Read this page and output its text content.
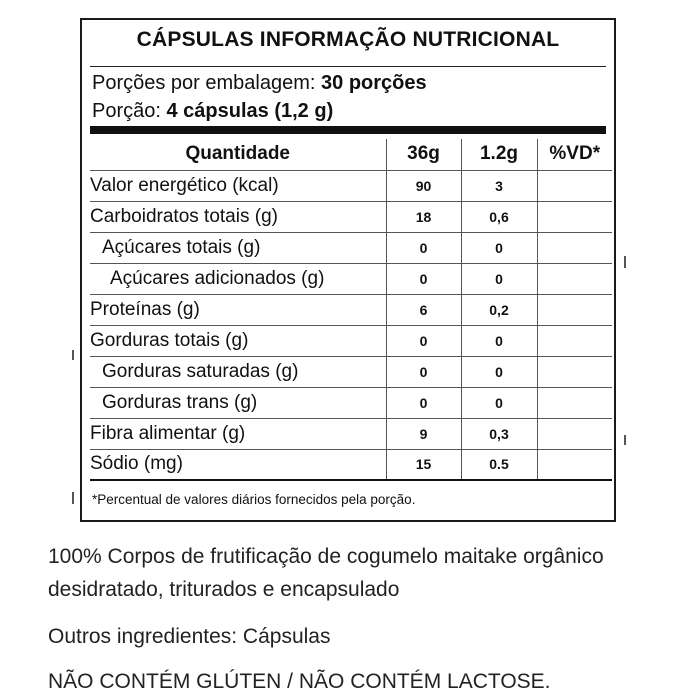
CÁPSULAS INFORMAÇÃO NUTRICIONAL
Porções por embalagem: 30 porções
Porção: 4 cápsulas (1,2 g)
Quantidade	36g	1.2g	%VD*
Valor energético (kcal)	90	3	
Carboidratos totais (g)	18	0,6	
Açúcares totais (g)	0	0	
Açúcares adicionados (g)	0	0	
Proteínas (g)	6	0,2	
Gorduras totais (g)	0	0	
Gorduras saturadas (g)	0	0	
Gorduras trans (g)	0	0	
Fibra alimentar (g)	9	0,3	
Sódio (mg)	15	0.5	
*Percentual de valores diários fornecidos pela porção.
100% Corpos de frutificação de cogumelo maitake orgânico desidratado, triturados e encapsulado
Outros ingredientes: Cápsulas
NÃO CONTÉM GLÚTEN / NÃO CONTÉM LACTOSE.
